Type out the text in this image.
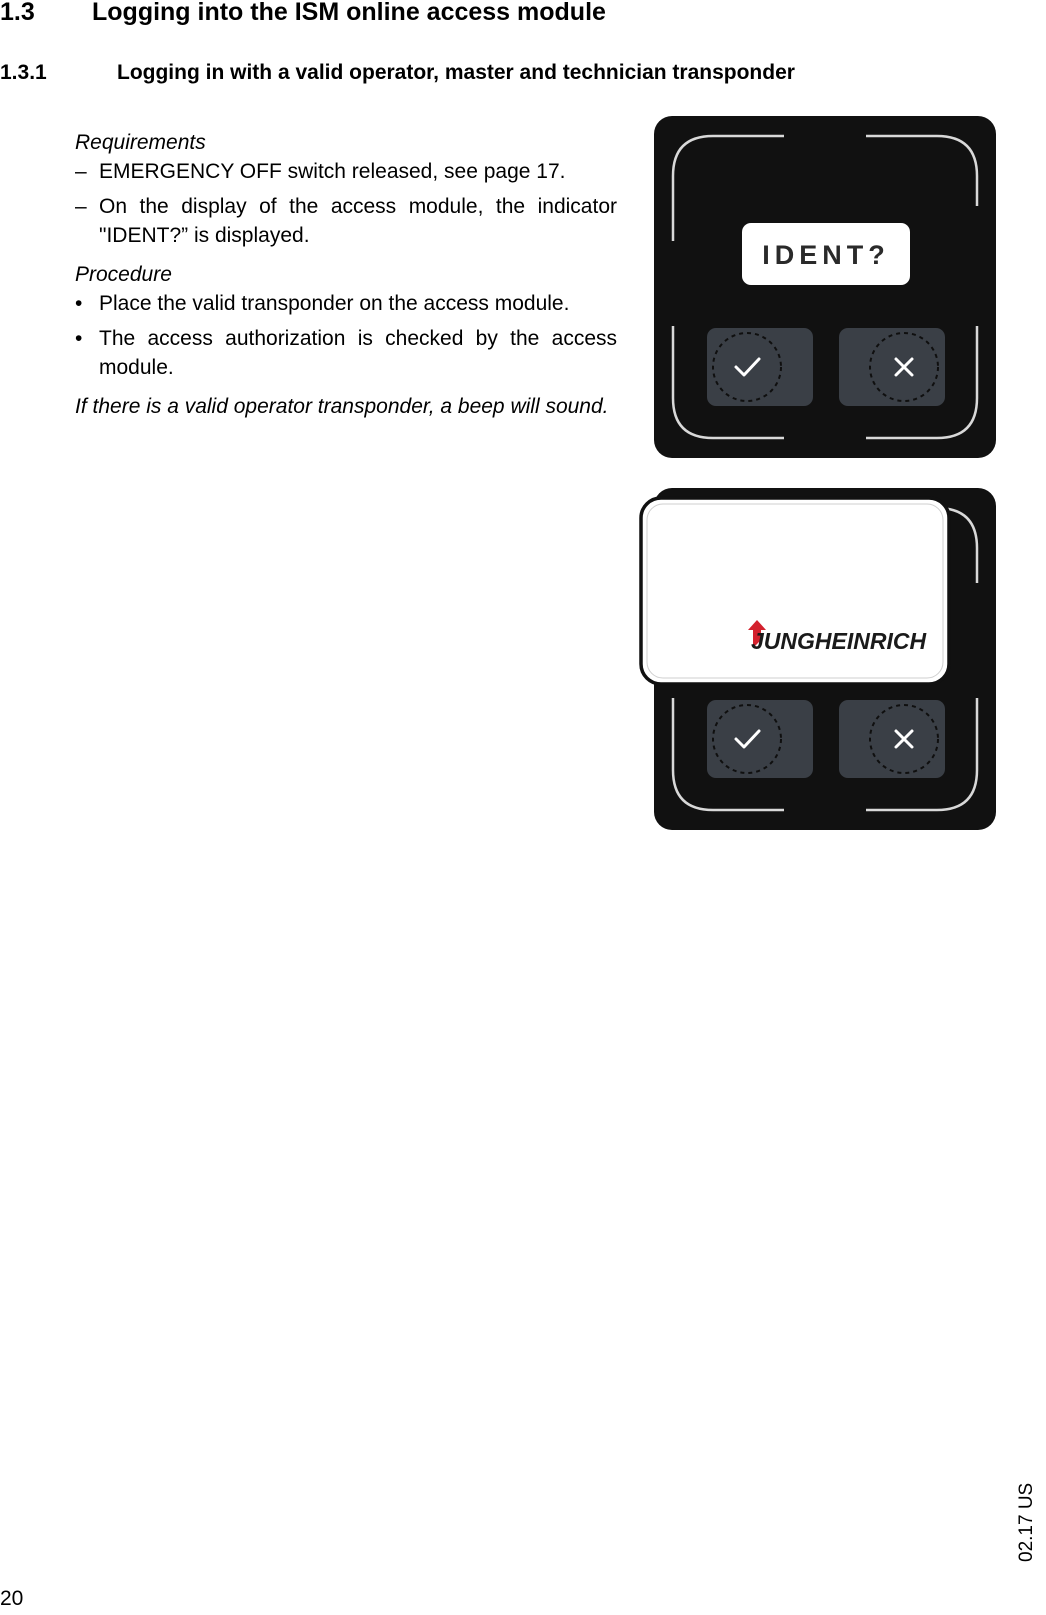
1.3 Logging into the ISM online access module
1.3.1	Logging in with a valid operator, master and technician transponder

Requirements

– EMERGENCY OFF switch released, see page 17.

– On the display of the access module, the indicator "IDENT?” is displayed.

Procedure

• Place the valid transponder on the access module.

• The access authorization is checked by the access module.

If there is a valid operator transponder, a beep will sound.

IDENT?
JUNGHEINRICH
20
02.17 US
